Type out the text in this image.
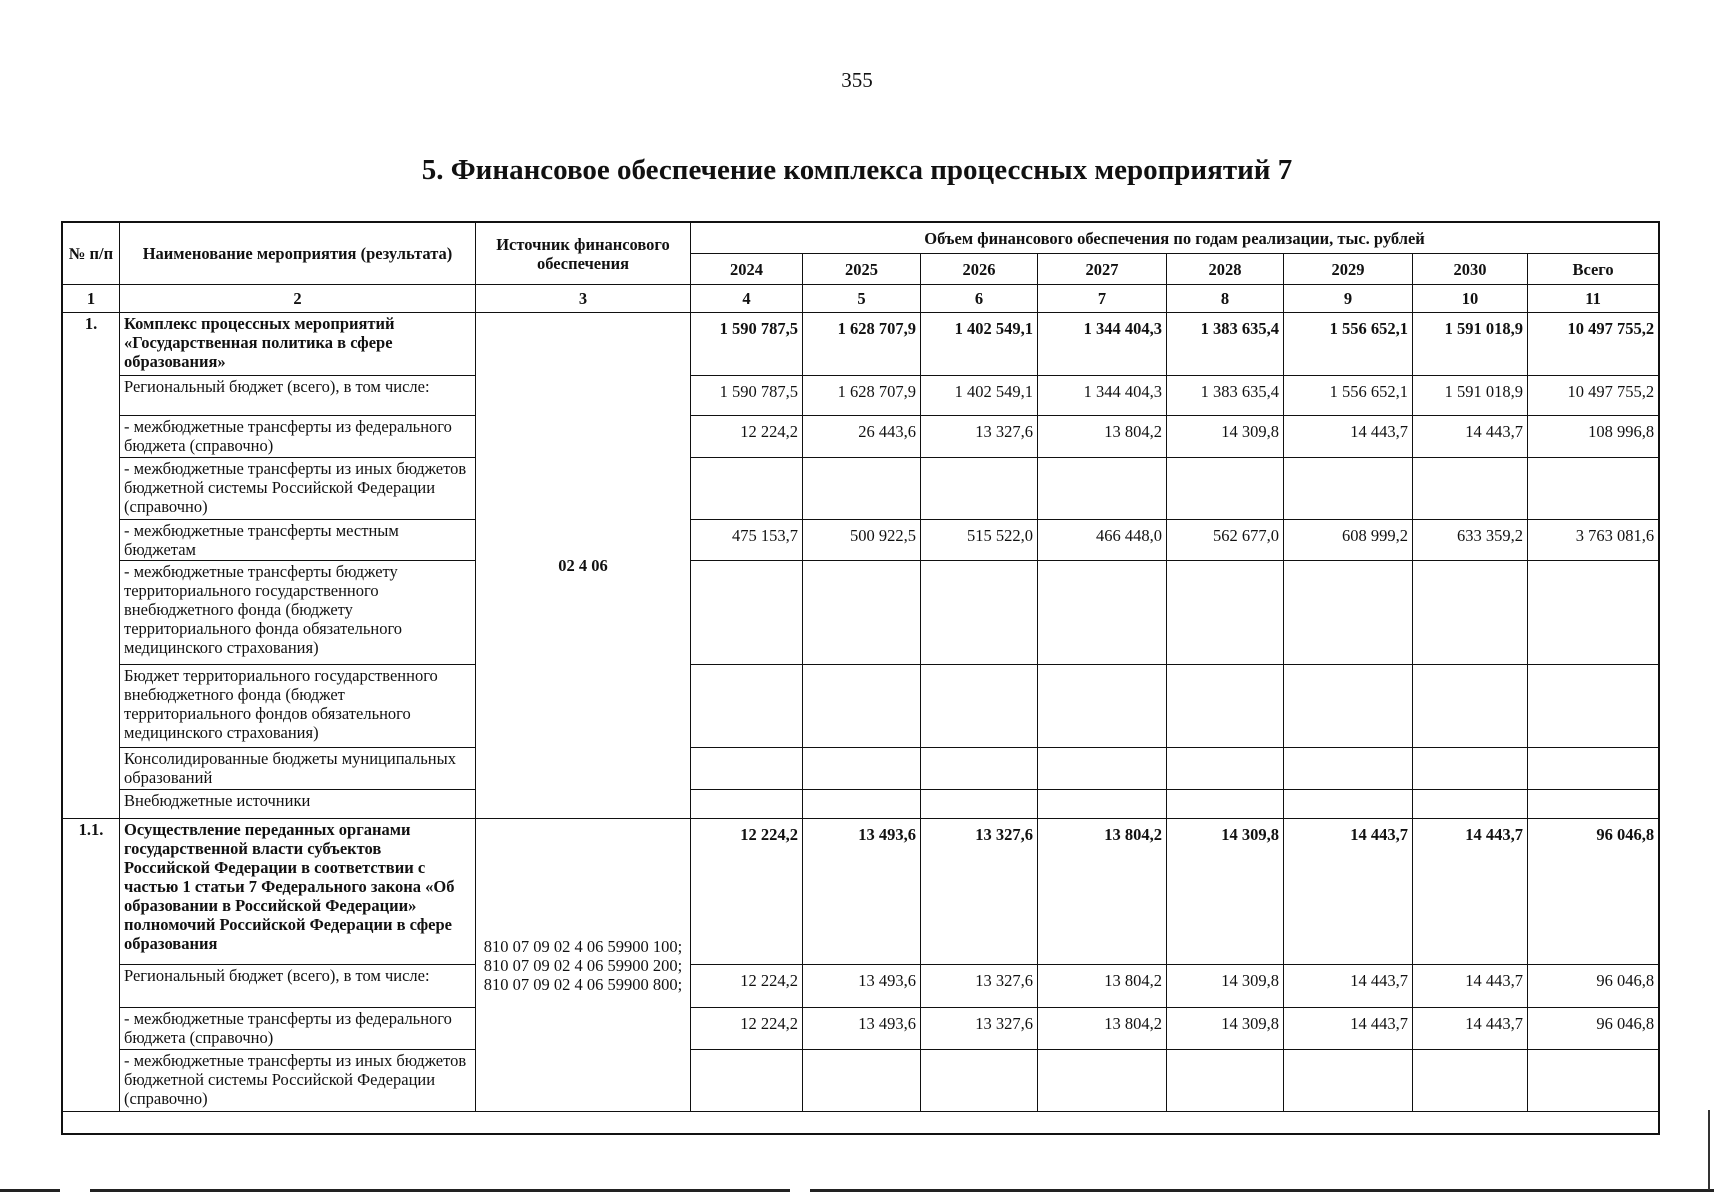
355
5. Финансовое обеспечение комплекса процессных мероприятий 7
№ п/п	Наименование мероприятия (результата)	Источник финансового обеспечения	Объем финансового обеспечения по годам реализации, тыс. рублей							
			2024	2025	2026	2027	2028	2029	2030	Всего
1	2	3	4	5	6	7	8	9	10	11
1.	Комплекс процессных мероприятий «Государственная политика в сфере образования»	02 4 06	1 590 787,5	1 628 707,9	1 402 549,1	1 344 404,3	1 383 635,4	1 556 652,1	1 591 018,9	10 497 755,2
	Региональный бюджет (всего), в том числе:		1 590 787,5	1 628 707,9	1 402 549,1	1 344 404,3	1 383 635,4	1 556 652,1	1 591 018,9	10 497 755,2
	- межбюджетные трансферты из федерального бюджета (справочно)		12 224,2	26 443,6	13 327,6	13 804,2	14 309,8	14 443,7	14 443,7	108 996,8
	- межбюджетные трансферты из иных бюджетов бюджетной системы Российской Федерации (справочно)									
	- межбюджетные трансферты местным бюджетам		475 153,7	500 922,5	515 522,0	466 448,0	562 677,0	608 999,2	633 359,2	3 763 081,6
	- межбюджетные трансферты бюджету территориального государственного внебюджетного фонда (бюджету территориального фонда обязательного медицинского страхования)									
	Бюджет территориального государственного внебюджетного фонда (бюджет территориального фондов обязательного медицинского страхования)									
	Консолидированные бюджеты муниципальных образований									
	Внебюджетные источники									
1.1.	Осуществление переданных органами государственной власти субъектов Российской Федерации в соответствии с частью 1 статьи 7 Федерального закона «Об образовании в Российской Федерации» полномочий Российской Федерации в сфере образования	810 07 09 02 4 06 59900 100; 810 07 09 02 4 06 59900 200; 810 07 09 02 4 06 59900 800;	12 224,2	13 493,6	13 327,6	13 804,2	14 309,8	14 443,7	14 443,7	96 046,8
	Региональный бюджет (всего), в том числе:		12 224,2	13 493,6	13 327,6	13 804,2	14 309,8	14 443,7	14 443,7	96 046,8
	- межбюджетные трансферты из федерального бюджета (справочно)		12 224,2	13 493,6	13 327,6	13 804,2	14 309,8	14 443,7	14 443,7	96 046,8
	- межбюджетные трансферты из иных бюджетов бюджетной системы Российской Федерации (справочно)									
